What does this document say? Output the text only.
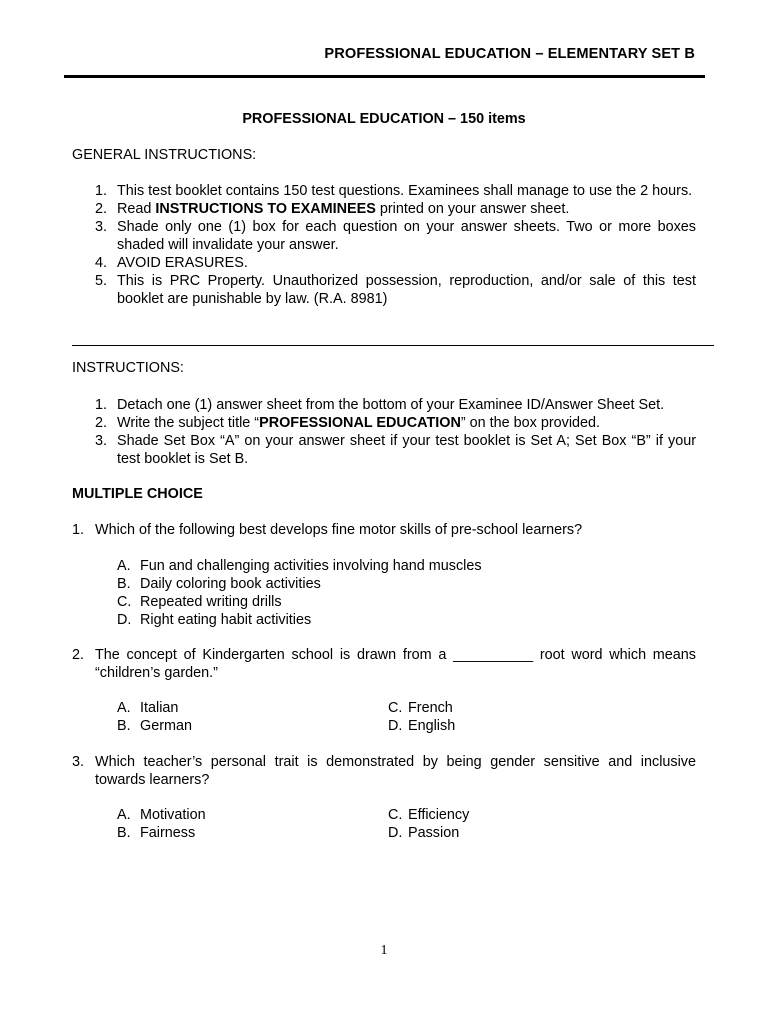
PROFESSIONAL EDUCATION – ELEMENTARY SET B
PROFESSIONAL EDUCATION – 150 items
GENERAL INSTRUCTIONS:
1. This test booklet contains 150 test questions. Examinees shall manage to use the 2 hours.
2. Read INSTRUCTIONS TO EXAMINEES printed on your answer sheet.
3. Shade only one (1) box for each question on your answer sheets. Two or more boxes shaded will invalidate your answer.
4. AVOID ERASURES.
5. This is PRC Property. Unauthorized possession, reproduction, and/or sale of this test booklet are punishable by law. (R.A. 8981)
INSTRUCTIONS:
1. Detach one (1) answer sheet from the bottom of your Examinee ID/Answer Sheet Set.
2. Write the subject title “PROFESSIONAL EDUCATION” on the box provided.
3. Shade Set Box “A” on your answer sheet if your test booklet is Set A; Set Box “B” if your test booklet is Set B.
MULTIPLE CHOICE
1. Which of the following best develops fine motor skills of pre-school learners?
A. Fun and challenging activities involving hand muscles
B. Daily coloring book activities
C. Repeated writing drills
D. Right eating habit activities
2. The concept of Kindergarten school is drawn from a __________ root word which means “children’s garden.”
A. Italian	C. French
B. German	D. English
3. Which teacher’s personal trait is demonstrated by being gender sensitive and inclusive towards learners?
A. Motivation	C. Efficiency
B. Fairness	D. Passion
1
